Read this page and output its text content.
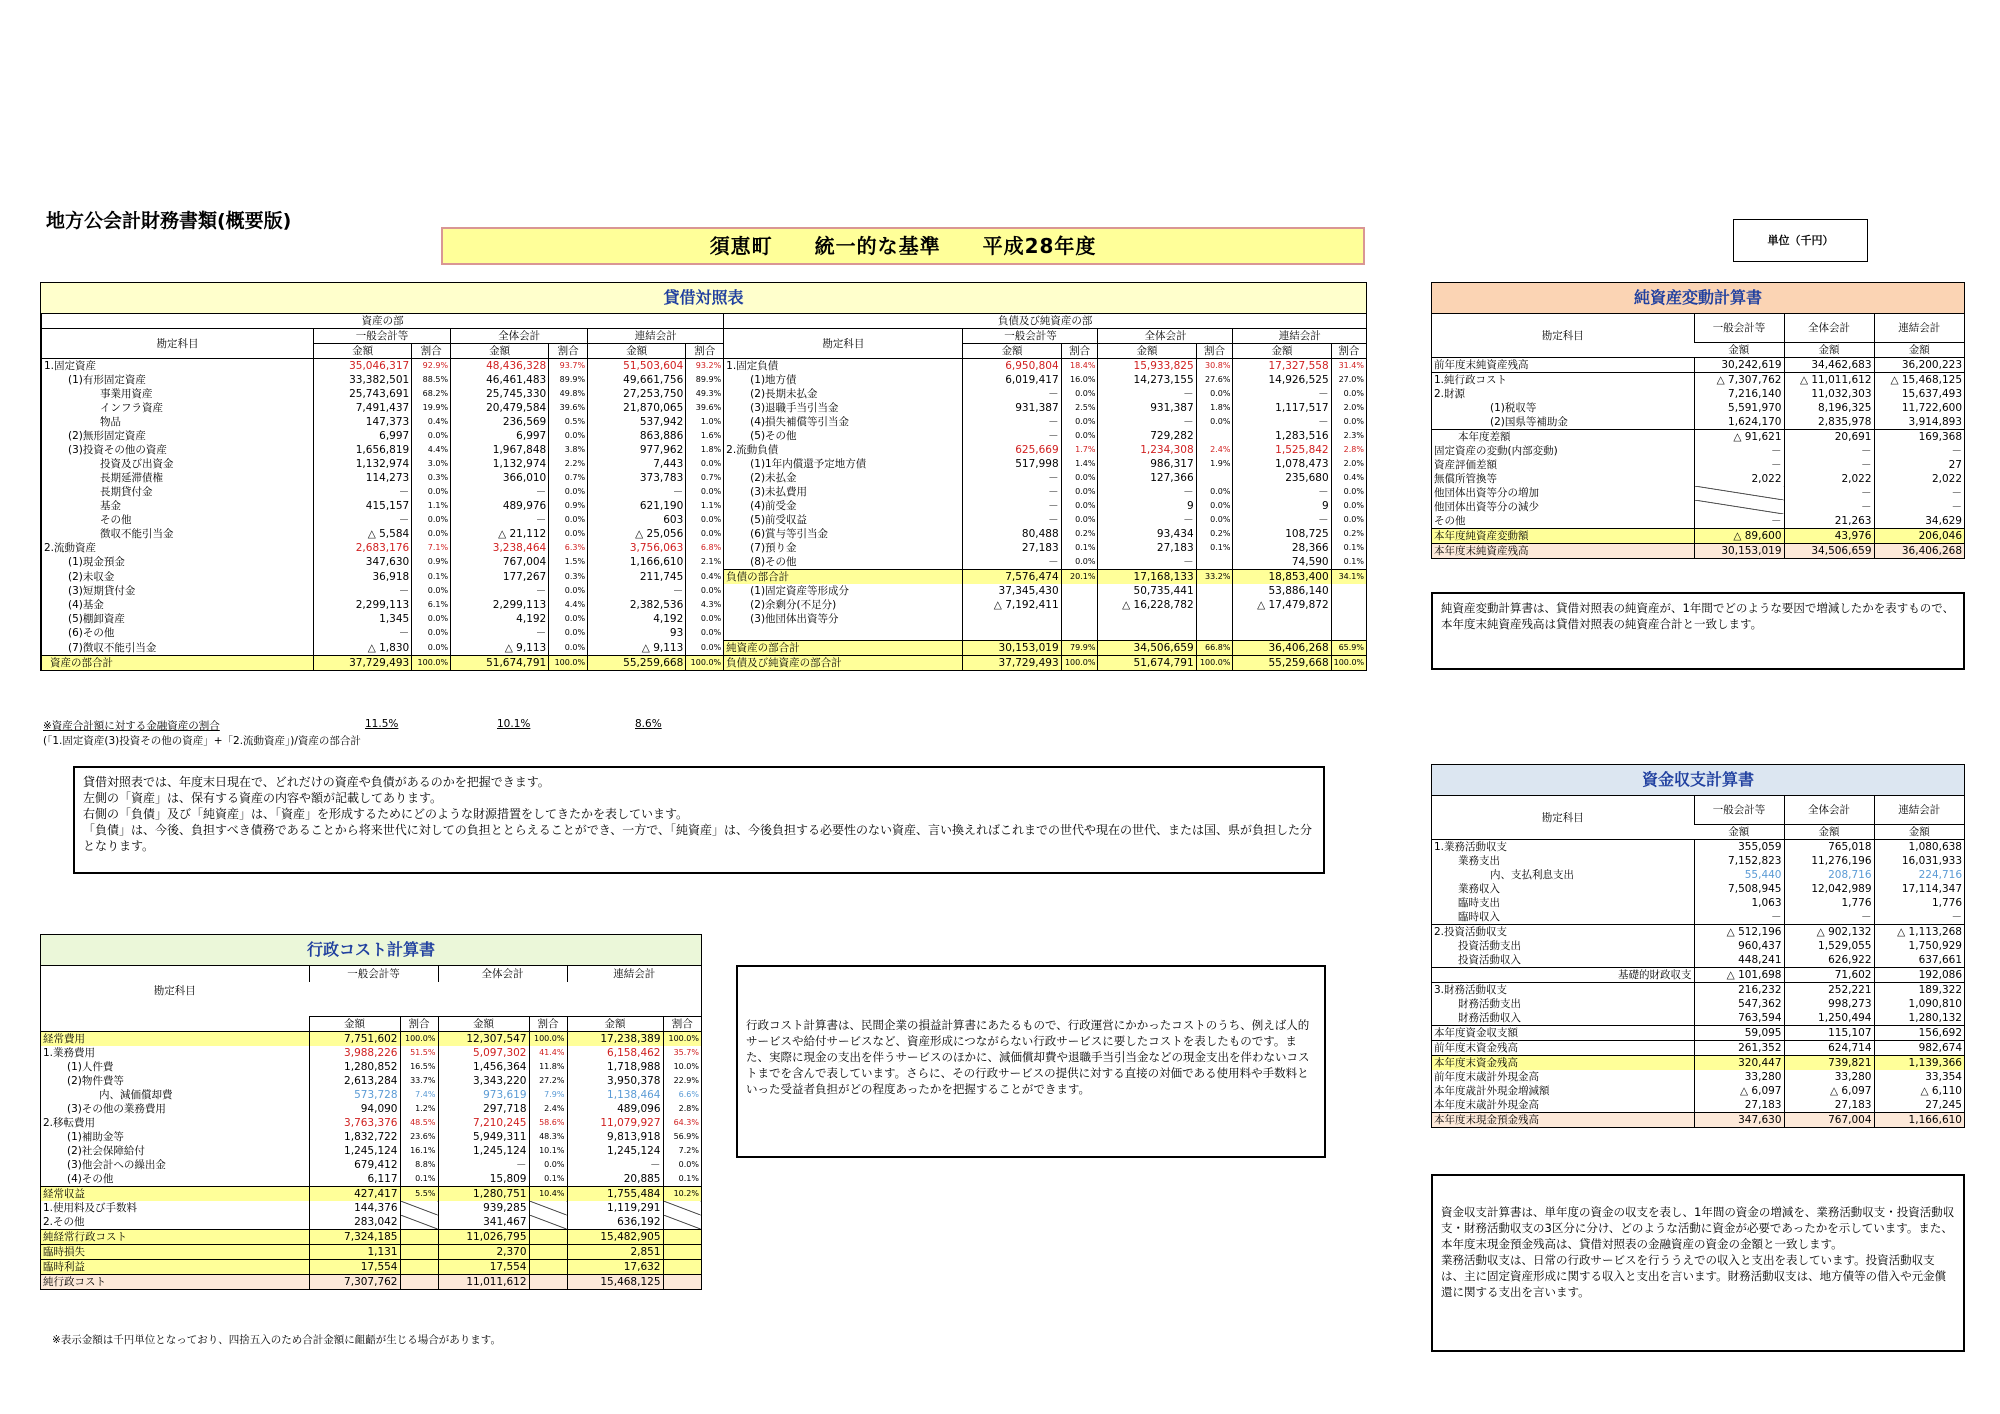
地方公会計財務書類(概要版)
須恵町　　統一的な基準　　平成28年度	単位（千円）
貸借対照表
資産の部							負債及び純資産の部						
勘定科目	一般会計等		全体会計		連結会計		勘定科目	一般会計等		全体会計		連結会計	
	金額	割合	金額	割合	金額	割合		金額	割合	金額	割合	金額	割合
1.固定資産	35,046,317	92.9%	48,436,328	93.7%	51,503,604	93.2%	1.固定負債	6,950,804	18.4%	15,933,825	30.8%	17,327,558	31.4%
(1)有形固定資産	33,382,501	88.5%	46,461,483	89.9%	49,661,756	89.9%	(1)地方債	6,019,417	16.0%	14,273,155	27.6%	14,926,525	27.0%
事業用資産	25,743,691	68.2%	25,745,330	49.8%	27,253,750	49.3%	(2)長期未払金	－	0.0%	－	0.0%	－	0.0%
インフラ資産	7,491,437	19.9%	20,479,584	39.6%	21,870,065	39.6%	(3)退職手当引当金	931,387	2.5%	931,387	1.8%	1,117,517	2.0%
物品	147,373	0.4%	236,569	0.5%	537,942	1.0%	(4)損失補償等引当金	－	0.0%	－	0.0%	－	0.0%
(2)無形固定資産	6,997	0.0%	6,997	0.0%	863,886	1.6%	(5)その他	－	0.0%	729,282		1,283,516	2.3%
(3)投資その他の資産	1,656,819	4.4%	1,967,848	3.8%	977,962	1.8%	2.流動負債	625,669	1.7%	1,234,308	2.4%	1,525,842	2.8%
投資及び出資金	1,132,974	3.0%	1,132,974	2.2%	7,443	0.0%	(1)1年内償還予定地方債	517,998	1.4%	986,317	1.9%	1,078,473	2.0%
長期延滞債権	114,273	0.3%	366,010	0.7%	373,783	0.7%	(2)未払金	－	0.0%	127,366		235,680	0.4%
長期貸付金	－	0.0%	－	0.0%	－	0.0%	(3)未払費用	－	0.0%	－	0.0%	－	0.0%
基金	415,157	1.1%	489,976	0.9%	621,190	1.1%	(4)前受金	－	0.0%	9	0.0%	9	0.0%
その他	－	0.0%	－	0.0%	603	0.0%	(5)前受収益	－	0.0%	－	0.0%	－	0.0%
徴収不能引当金	△ 5,584	0.0%	△ 21,112	0.0%	△ 25,056	0.0%	(6)賞与等引当金	80,488	0.2%	93,434	0.2%	108,725	0.2%
2.流動資産	2,683,176	7.1%	3,238,464	6.3%	3,756,063	6.8%	(7)預り金	27,183	0.1%	27,183	0.1%	28,366	0.1%
(1)現金預金	347,630	0.9%	767,004	1.5%	1,166,610	2.1%	(8)その他	－	0.0%	－		74,590	0.1%
(2)未収金	36,918	0.1%	177,267	0.3%	211,745	0.4%	負債の部合計	7,576,474	20.1%	17,168,133	33.2%	18,853,400	34.1%
(3)短期貸付金	－	0.0%	－	0.0%	－	0.0%	(1)固定資産等形成分	37,345,430		50,735,441		53,886,140	
(4)基金	2,299,113	6.1%	2,299,113	4.4%	2,382,536	4.3%	(2)余剰分(不足分)	△ 7,192,411		△ 16,228,782		△ 17,479,872	
(5)棚卸資産	1,345	0.0%	4,192	0.0%	4,192	0.0%	(3)他団体出資等分						
(6)その他	－	0.0%	－	0.0%	93	0.0%							
(7)徴収不能引当金	△ 1,830	0.0%	△ 9,113	0.0%	△ 9,113	0.0%	純資産の部合計	30,153,019	79.9%	34,506,659	66.8%	36,406,268	65.9%
資産の部合計	37,729,493	100.0%	51,674,791	100.0%	55,259,668	100.0%	負債及び純資産の部合計	37,729,493	100.0%	51,674,791	100.0%	55,259,668	100.0%
※資産合計額に対する金融資産の割合	11.5%	10.1%	8.6%
(「1.固定資産(3)投資その他の資産」+「2.流動資産」)/資産の部合計
貸借対照表では、年度末日現在で、どれだけの資産や負債があるのかを把握できます。
左側の「資産」は、保有する資産の内容や額が記載してあります。
右側の「負債」及び「純資産」は、「資産」を形成するためにどのような財源措置をしてきたかを表しています。
「負債」は、今後、負担すべき債務であることから将来世代に対しての負担ととらえることができ、一方で、「純資産」は、今後負担する必要性のない資産、言い換えればこれまでの世代や現在の世代、または国、県が負担した分となります。
行政コスト計算書
勘定科目	一般会計等		全体会計		連結会計	

	金額	割合	金額	割合	金額	割合
経常費用	7,751,602	100.0%	12,307,547	100.0%	17,238,389	100.0%
1.業務費用	3,988,226	51.5%	5,097,302	41.4%	6,158,462	35.7%
(1)人件費	1,280,852	16.5%	1,456,364	11.8%	1,718,988	10.0%
(2)物件費等	2,613,284	33.7%	3,343,220	27.2%	3,950,378	22.9%
内、減価償却費	573,728	7.4%	973,619	7.9%	1,138,464	6.6%
(3)その他の業務費用	94,090	1.2%	297,718	2.4%	489,096	2.8%
2.移転費用	3,763,376	48.5%	7,210,245	58.6%	11,079,927	64.3%
(1)補助金等	1,832,722	23.6%	5,949,311	48.3%	9,813,918	56.9%
(2)社会保障給付	1,245,124	16.1%	1,245,124	10.1%	1,245,124	7.2%
(3)他会計への繰出金	679,412	8.8%	－	0.0%	－	0.0%
(4)その他	6,117	0.1%	15,809	0.1%	20,885	0.1%
経常収益	427,417	5.5%	1,280,751	10.4%	1,755,484	10.2%
1.使用料及び手数料	144,376		939,285		1,119,291	
2.その他	283,042		341,467		636,192	
純経常行政コスト	7,324,185		11,026,795		15,482,905	
臨時損失	1,131		2,370		2,851	
臨時利益	17,554		17,554		17,632	
純行政コスト	7,307,762		11,011,612		15,468,125	
※表示金額は千円単位となっており、四捨五入のため合計金額に齟齬が生じる場合があります。
行政コスト計算書は、民間企業の損益計算書にあたるもので、行政運営にかかったコストのうち、例えば人的サービスや給付サービスなど、資産形成につながらない行政サービスに要したコストを表したものです。また、実際に現金の支出を伴うサービスのほかに、減価償却費や退職手当引当金などの現金支出を伴わないコストまでを含んで表しています。さらに、その行政サービスの提供に対する直接の対価である使用料や手数料といった受益者負担がどの程度あったかを把握することができます。
純資産変動計算書
勘定科目	一般会計等	全体会計	連結会計
	金額	金額	金額
前年度末純資産残高	30,242,619	34,462,683	36,200,223
1.純行政コスト	△ 7,307,762	△ 11,011,612	△ 15,468,125
2.財源	7,216,140	11,032,303	15,637,493
(1)税収等	5,591,970	8,196,325	11,722,600
(2)国県等補助金	1,624,170	2,835,978	3,914,893
本年度差額	△ 91,621	20,691	169,368
固定資産の変動(内部変動)	－	－	－
資産評価差額	－	－	27
無償所管換等	2,022	2,022	2,022
他団体出資等分の増加		－	－
他団体出資等分の減少		－	－
その他	－	21,263	34,629
本年度純資産変動額	△ 89,600	43,976	206,046
本年度末純資産残高	30,153,019	34,506,659	36,406,268
純資産変動計算書は、貸借対照表の純資産が、1年間でどのような要因で増減したかを表すもので、本年度末純資産残高は貸借対照表の純資産合計と一致します。
資金収支計算書
勘定科目	一般会計等	全体会計	連結会計
	金額	金額	金額
1.業務活動収支	355,059	765,018	1,080,638
業務支出	7,152,823	11,276,196	16,031,933
内、支払利息支出	55,440	208,716	224,716
業務収入	7,508,945	12,042,989	17,114,347
臨時支出	1,063	1,776	1,776
臨時収入	－	－	－
2.投資活動収支	△ 512,196	△ 902,132	△ 1,113,268
投資活動支出	960,437	1,529,055	1,750,929
投資活動収入	448,241	626,922	637,661
基礎的財政収支	△ 101,698	71,602	192,086
3.財務活動収支	216,232	252,221	189,322
財務活動支出	547,362	998,273	1,090,810
財務活動収入	763,594	1,250,494	1,280,132
本年度資金収支額	59,095	115,107	156,692
前年度末資金残高	261,352	624,714	982,674
本年度末資金残高	320,447	739,821	1,139,366
前年度末歳計外現金高	33,280	33,280	33,354
本年度歳計外現金増減額	△ 6,097	△ 6,097	△ 6,110
本年度末歳計外現金高	27,183	27,183	27,245
本年度末現金預金残高	347,630	767,004	1,166,610
資金収支計算書は、単年度の資金の収支を表し、1年間の資金の増減を、業務活動収支・投資活動収支・財務活動収支の3区分に分け、どのような活動に資金が必要であったかを示しています。また、本年度末現金預金残高は、貸借対照表の金融資産の資金の金額と一致します。
業務活動収支は、日常の行政サービスを行ううえでの収入と支出を表しています。投資活動収支は、主に固定資産形成に関する収入と支出を言います。財務活動収支は、地方債等の借入や元金償還に関する支出を言います。
